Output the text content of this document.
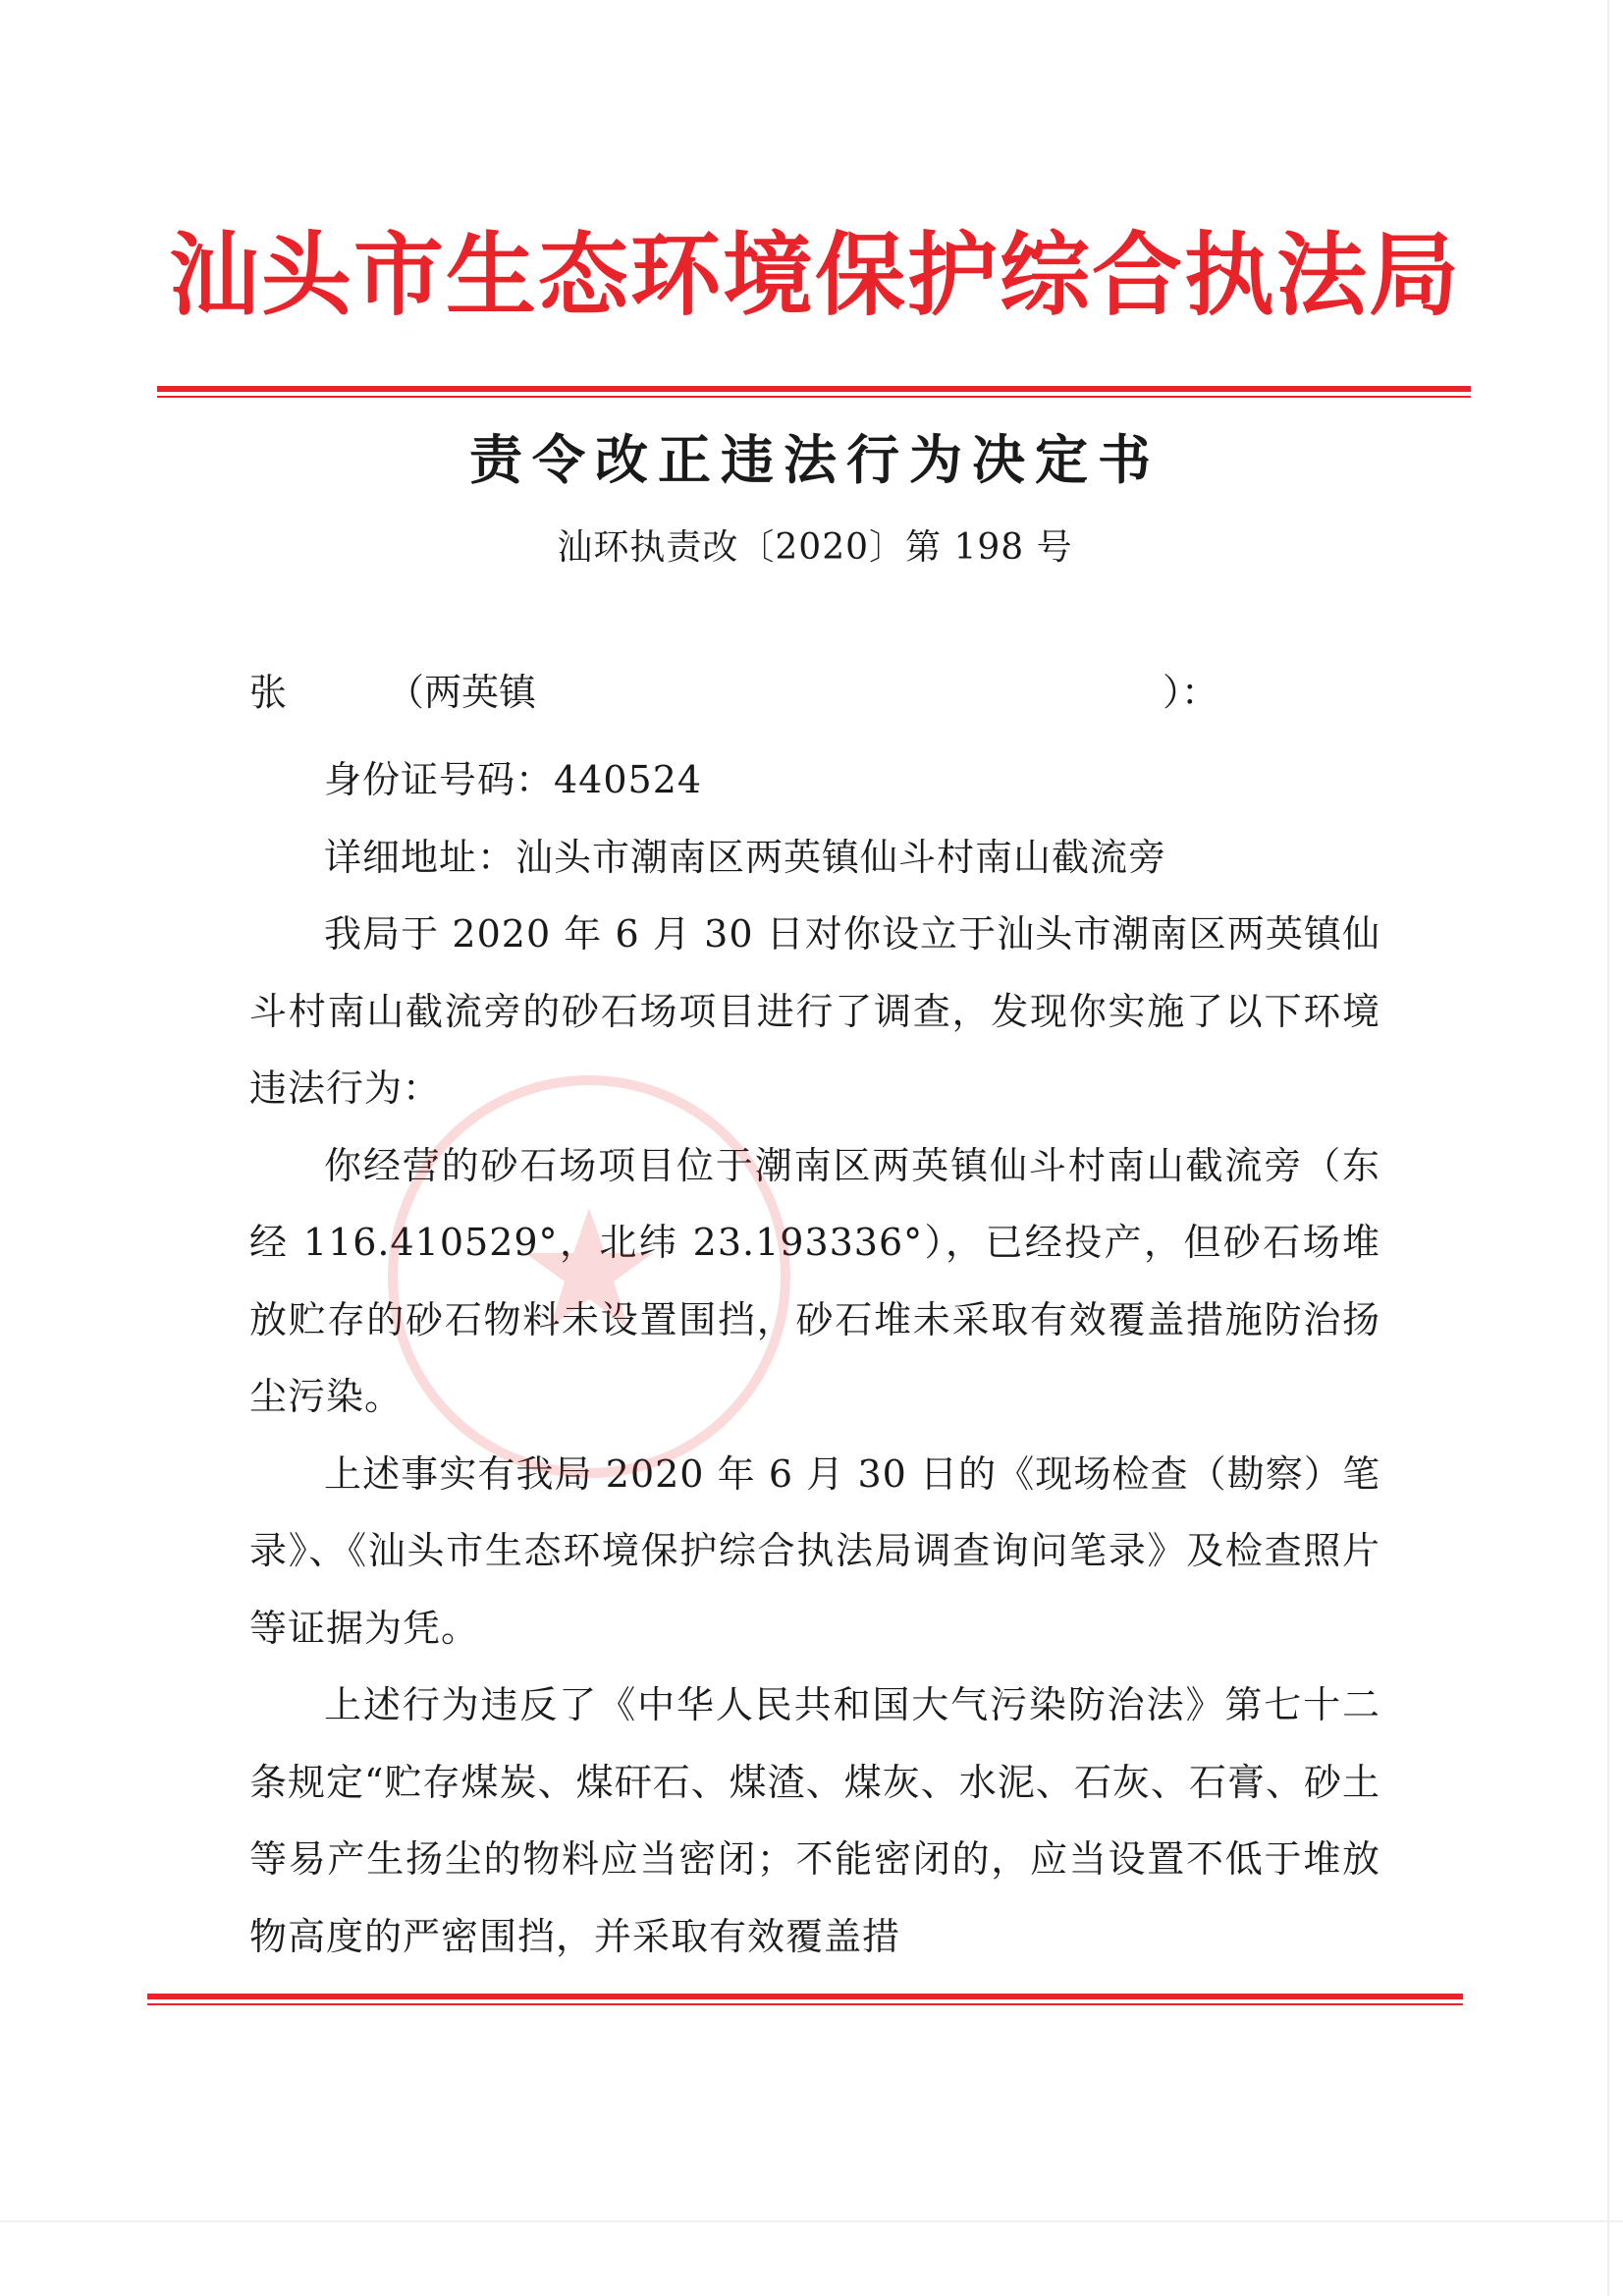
汕头市生态环境保护综合执法局
责令改正违法行为决定书
汕环执责改〔2020〕第 198 号
张	（两英镇	）：

身份证号码：440524

详细地址：汕头市潮南区两英镇仙斗村南山截流旁

我局于 2020 年 6 月 30 日对你设立于汕头市潮南区两英镇仙斗村南山截流旁的砂石场项目进行了调查，发现你实施了以下环境违法行为：

你经营的砂石场项目位于潮南区两英镇仙斗村南山截流旁（东经 116.410529°，北纬 23.193336°），已经投产，但砂石场堆放贮存的砂石物料未设置围挡，砂石堆未采取有效覆盖措施防治扬尘污染。

上述事实有我局 2020 年 6 月 30 日的《现场检查（勘察）笔录》、《汕头市生态环境保护综合执法局调查询问笔录》及检查照片等证据为凭。

上述行为违反了《中华人民共和国大气污染防治法》第七十二条规定“贮存煤炭、煤矸石、煤渣、煤灰、水泥、石灰、石膏、砂土等易产生扬尘的物料应当密闭；不能密闭的，应当设置不低于堆放物高度的严密围挡，并采取有效覆盖措
